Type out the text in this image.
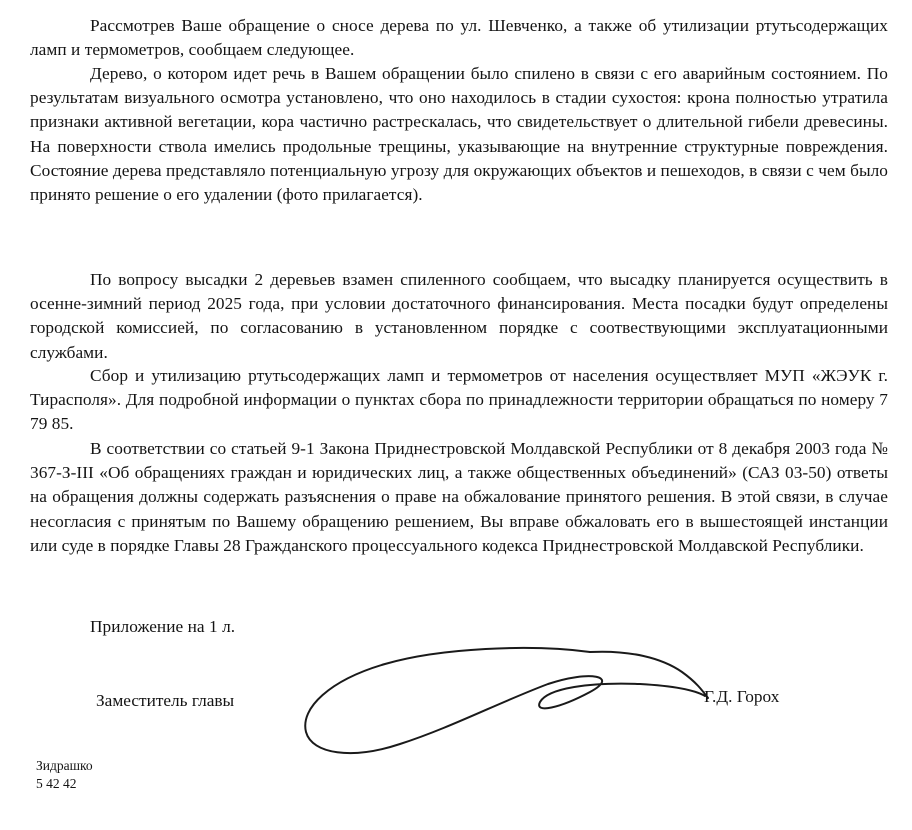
Рассмотрев Ваше обращение о сносе дерева по ул. Шевченко, а также об утилизации ртутьсодержащих ламп и термометров, сообщаем следующее.

Дерево, о котором идет речь в Вашем обращении было спилено в связи с его аварийным состоянием. По результатам визуального осмотра установлено, что оно находилось в стадии сухостоя: крона полностью утратила признаки активной вегетации, кора частично растрескалась, что свидетельствует о длительной гибели древесины. На поверхности ствола имелись продольные трещины, указывающие на внутренние структурные повреждения. Состояние дерева представляло потенциальную угрозу для окружающих объектов и пешеходов, в связи с чем было принято решение о его удалении (фото прилагается).

По вопросу высадки 2 деревьев взамен спиленного сообщаем, что высадку планируется осуществить в осенне-зимний период 2025 года, при условии достаточного финансирования. Места посадки будут определены городской комиссией, по согласованию в установленном порядке с соотвествующими эксплуатационными службами.

Сбор и утилизацию ртутьсодержащих ламп и термометров от населения осуществляет МУП «ЖЭУК г. Тирасполя». Для подробной информации о пунктах сбора по принадлежности территории обращаться по номеру 7 79 85.

В соответствии со статьей 9-1 Закона Приднестровской Молдавской Республики от 8 декабря 2003 года № 367-З-III «Об обращениях граждан и юридических лиц, а также общественных объединений» (САЗ 03-50) ответы на обращения должны содержать разъяснения о праве на обжалование принятого решения. В этой связи, в случае несогласия с принятым по Вашему обращению решением, Вы вправе обжаловать его в вышестоящей инстанции или суде в порядке Главы 28 Гражданского процессуального кодекса Приднестровской Молдавской Республики.

Приложение на 1 л.

Заместитель главы	Г.Д. Горох
Зидрашко
5 42 42
